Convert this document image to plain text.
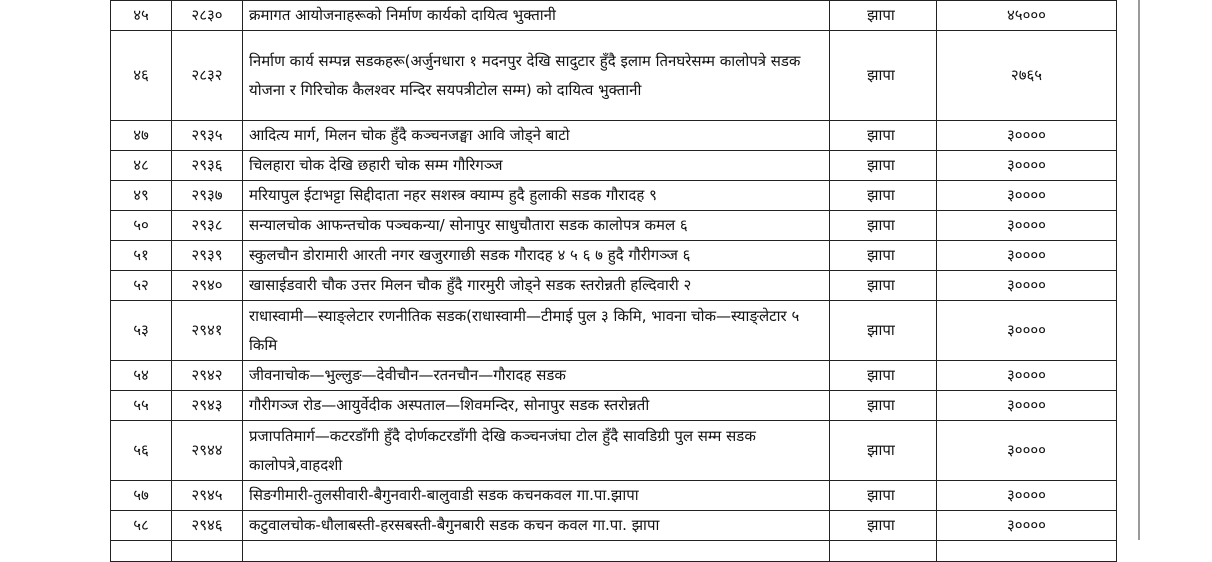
४५	२८३०	क्रमागत आयोजनाहरूको निर्माण कार्यको दायित्व भुक्तानी	झापा	४५०००
४६	२८३२	निर्माण कार्य सम्पन्न सडकहरू(अर्जुनधारा १ मदनपुर देखि सादुटार हुँदै इलाम तिनघरेसम्म कालोपत्रे सडक योजना र गिरिचोक कैलश्वर मन्दिर सयपत्रीटोल सम्म) को दायित्व भुक्तानी	झापा	२७६५
४७	२९३५	आदित्य मार्ग, मिलन चोक हुँदै कञ्चनजङ्घा आवि जोड्ने बाटो	झापा	३००००
४८	२९३६	चिलहारा चोक देखि छहारी चोक सम्म गौरिगञ्ज	झापा	३००००
४९	२९३७	मरियापुल ईटाभट्टा सिद्दीदाता नहर सशस्त्र क्याम्प हुदै हुलाकी सडक गौरादह ९	झापा	३००००
५०	२९३८	सन्यालचोक आफन्तचोक पञ्चकन्या/ सोनापुर साधुचौतारा सडक कालोपत्र कमल ६	झापा	३००००
५१	२९३९	स्कुलचौन डोरामारी आरती नगर खजुरगाछी सडक गौरादह ४ ५ ६ ७ हुदै गौरीगञ्ज ६	झापा	३००००
५२	२९४०	खासाईडवारी चौक उत्तर मिलन चौक हुँदै गारमुरी जोड्ने सडक स्तरोन्नती हल्दिवारी २	झापा	३००००
५३	२९४१	राधास्वामी—स्याङ्लेटार रणनीतिक सडक(राधास्वामी—टीमाई पुल ३ किमि, भावना चोक—स्याङ्लेटार ५ किमि	झापा	३००००
५४	२९४२	जीवनाचोक—भुल्लुङ—देवीचौन—रतनचौन—गौरादह सडक	झापा	३००००
५५	२९४३	गौरीगञ्ज रोड—आयुर्वेदीक अस्पताल—शिवमन्दिर, सोनापुर सडक स्तरोन्नती	झापा	३००००
५६	२९४४	प्रजापतिमार्ग—कटरडाँगी हुँदै दोर्णकटरडाँगी देखि कञ्चनजंघा टोल हुँदै सावडिग्री पुल सम्म सडक कालोपत्रे,वाहदशी	झापा	३००००
५७	२९४५	सिङगीमारी-तुलसीवारी-बैगुनवारी-बालुवाडी सडक कचनकवल गा.पा.झापा	झापा	३००००
५८	२९४६	कटुवालचोक-धौलाबस्ती-हरसबस्ती-बैगुनबारी सडक कचन कवल गा.पा. झापा	झापा	३००००
